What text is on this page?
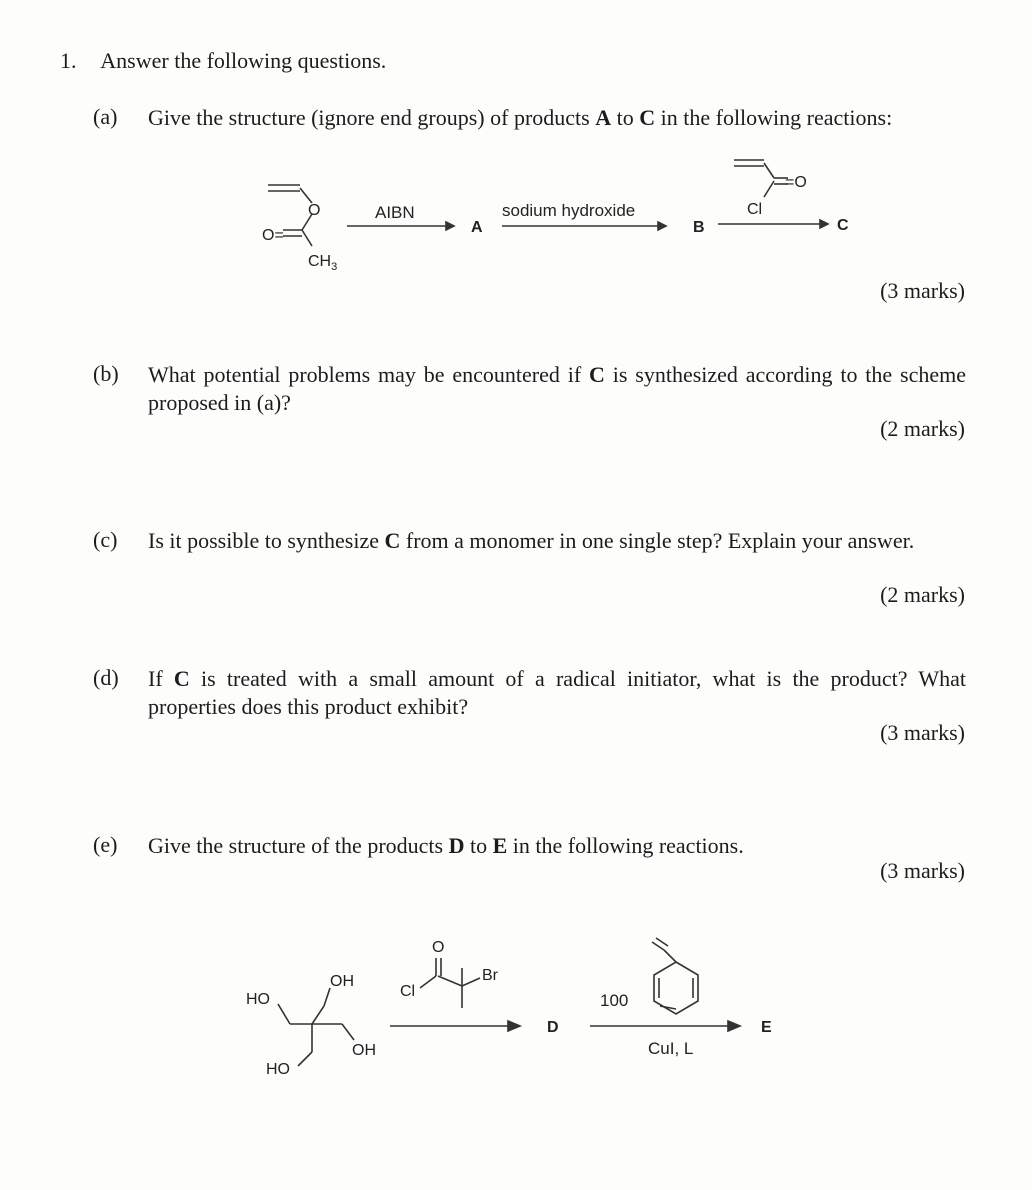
1. Answer the following questions.
(a) Give the structure (ignore end groups) of products A to C in the following reactions:
O
O=
$CH_3$
AIBN
A
sodium hydroxide
B
=O
Cl
C
(3 marks)
(b) What potential problems may be encountered if C is synthesized according to the scheme proposed in (a)?
(2 marks)
(c) Is it possible to synthesize C from a monomer in one single step? Explain your answer.
(2 marks)
(d) If C is treated with a small amount of a radical initiator, what is the product? What properties does this product exhibit?
(3 marks)
(e) Give the structure of the products D to E in the following reactions.
(3 marks)
HO
OH
OH
HO
O
Cl
Br
D
100
CuI, L
E
